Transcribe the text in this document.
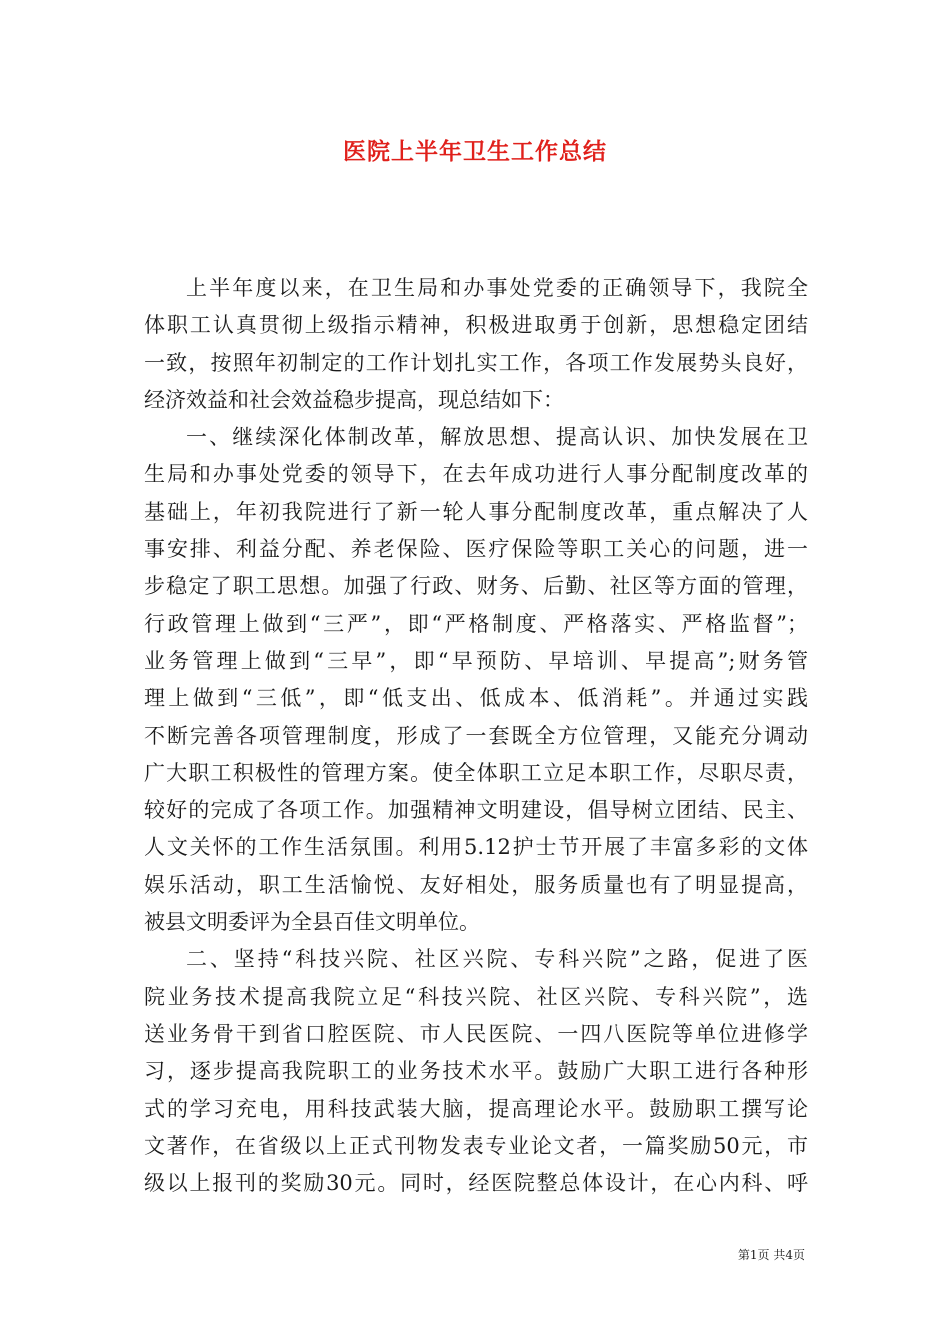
医院上半年卫生工作总结
上半年度以来，在卫生局和办事处党委的正确领导下，我院全
体职工认真贯彻上级指示精神，积极进取勇于创新，思想稳定团结
一致，按照年初制定的工作计划扎实工作，各项工作发展势头良好，
经济效益和社会效益稳步提高，现总结如下：
一、继续深化体制改革，解放思想、提高认识、加快发展在卫
生局和办事处党委的领导下，在去年成功进行人事分配制度改革的
基础上，年初我院进行了新一轮人事分配制度改革，重点解决了人
事安排、利益分配、养老保险、医疗保险等职工关心的问题，进一
步稳定了职工思想。加强了行政、财务、后勤、社区等方面的管理，
行政管理上做到“三严”，即“严格制度、严格落实、严格监督”；
业务管理上做到“三早”，即“早预防、早培训、早提高”;财务管
理上做到“三低”，即“低支出、低成本、低消耗”。并通过实践
不断完善各项管理制度，形成了一套既全方位管理，又能充分调动
广大职工积极性的管理方案。使全体职工立足本职工作，尽职尽责，
较好的完成了各项工作。加强精神文明建设，倡导树立团结、民主、
人文关怀的工作生活氛围。利用5.12护士节开展了丰富多彩的文体
娱乐活动，职工生活愉悦、友好相处，服务质量也有了明显提高，
被县文明委评为全县百佳文明单位。
二、坚持“科技兴院、社区兴院、专科兴院”之路，促进了医
院业务技术提高我院立足“科技兴院、社区兴院、专科兴院”，选
送业务骨干到省口腔医院、市人民医院、一四八医院等单位进修学
习，逐步提高我院职工的业务技术水平。鼓励广大职工进行各种形
式的学习充电，用科技武装大脑，提高理论水平。鼓励职工撰写论
文著作，在省级以上正式刊物发表专业论文者，一篇奖励50元，市
级以上报刊的奖励30元。同时，经医院整总体设计，在心内科、呼
第1页 共4页
